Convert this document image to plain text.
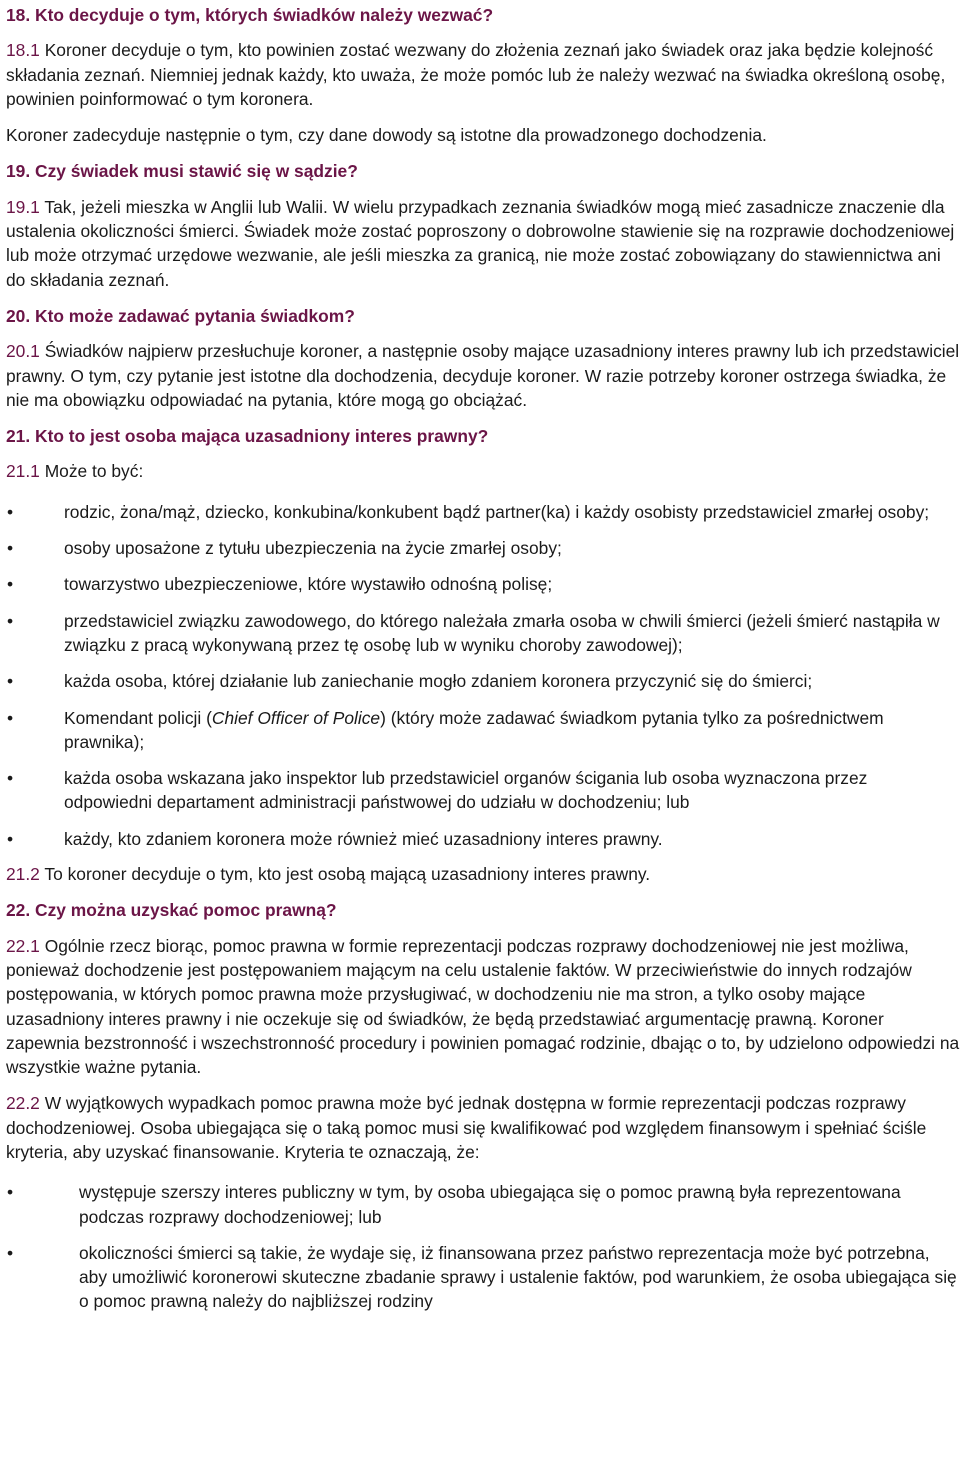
18. Kto decyduje o tym, których świadków należy wezwać?
18.1 Koroner decyduje o tym, kto powinien zostać wezwany do złożenia zeznań jako świadek oraz jaka będzie kolejność składania zeznań. Niemniej jednak każdy, kto uważa, że może pomóc lub że należy wezwać na świadka określoną osobę, powinien poinformować o tym koronera.
Koroner zadecyduje następnie o tym, czy dane dowody są istotne dla prowadzonego dochodzenia.
19. Czy świadek musi stawić się w sądzie?
19.1 Tak, jeżeli mieszka w Anglii lub Walii. W wielu przypadkach zeznania świadków mogą mieć zasadnicze znaczenie dla ustalenia okoliczności śmierci. Świadek może zostać poproszony o dobrowolne stawienie się na rozprawie dochodzeniowej lub może otrzymać urzędowe wezwanie, ale jeśli mieszka za granicą, nie może zostać zobowiązany do stawiennictwa ani do składania zeznań.
20. Kto może zadawać pytania świadkom?
20.1 Świadków najpierw przesłuchuje koroner, a następnie osoby mające uzasadniony interes prawny lub ich przedstawiciel prawny. O tym, czy pytanie jest istotne dla dochodzenia, decyduje koroner. W razie potrzeby koroner ostrzega świadka, że nie ma obowiązku odpowiadać na pytania, które mogą go obciążać.
21. Kto to jest osoba mająca uzasadniony interes prawny?
21.1 Może to być:
•	rodzic, żona/mąż, dziecko, konkubina/konkubent bądź partner(ka) i każdy osobisty przedstawiciel zmarłej osoby;
•	osoby uposażone z tytułu ubezpieczenia na życie zmarłej osoby;
•	towarzystwo ubezpieczeniowe, które wystawiło odnośną polisę;
•	przedstawiciel związku zawodowego, do którego należała zmarła osoba w chwili śmierci (jeżeli śmierć nastąpiła w związku z pracą wykonywaną przez tę osobę lub w wyniku choroby zawodowej);
•	każda osoba, której działanie lub zaniechanie mogło zdaniem koronera przyczynić się do śmierci;
•	Komendant policji (Chief Officer of Police) (który może zadawać świadkom pytania tylko za pośrednictwem prawnika);
•	każda osoba wskazana jako inspektor lub przedstawiciel organów ścigania lub osoba wyznaczona przez odpowiedni departament administracji państwowej do udziału w dochodzeniu; lub
•	każdy, kto zdaniem koronera może również mieć uzasadniony interes prawny.
21.2 To koroner decyduje o tym, kto jest osobą mającą uzasadniony interes prawny.
22. Czy można uzyskać pomoc prawną?
22.1 Ogólnie rzecz biorąc, pomoc prawna w formie reprezentacji podczas rozprawy dochodzeniowej nie jest możliwa, ponieważ dochodzenie jest postępowaniem mającym na celu ustalenie faktów. W przeciwieństwie do innych rodzajów postępowania, w których pomoc prawna może przysługiwać, w dochodzeniu nie ma stron, a tylko osoby mające uzasadniony interes prawny i nie oczekuje się od świadków, że będą przedstawiać argumentację prawną. Koroner zapewnia bezstronność i wszechstronność procedury i powinien pomagać rodzinie, dbając o to, by udzielono odpowiedzi na wszystkie ważne pytania.
22.2 W wyjątkowych wypadkach pomoc prawna może być jednak dostępna w formie reprezentacji podczas rozprawy dochodzeniowej. Osoba ubiegająca się o taką pomoc musi się kwalifikować pod względem finansowym i spełniać ściśle kryteria, aby uzyskać finansowanie. Kryteria te oznaczają, że:
•	występuje szerszy interes publiczny w tym, by osoba ubiegająca się o pomoc prawną była reprezentowana podczas rozprawy dochodzeniowej; lub
•	okoliczności śmierci są takie, że wydaje się, iż finansowana przez państwo reprezentacja może być potrzebna, aby umożliwić koronerowi skuteczne zbadanie sprawy i ustalenie faktów, pod warunkiem, że osoba ubiegająca się o pomoc prawną należy do najbliższej rodziny
